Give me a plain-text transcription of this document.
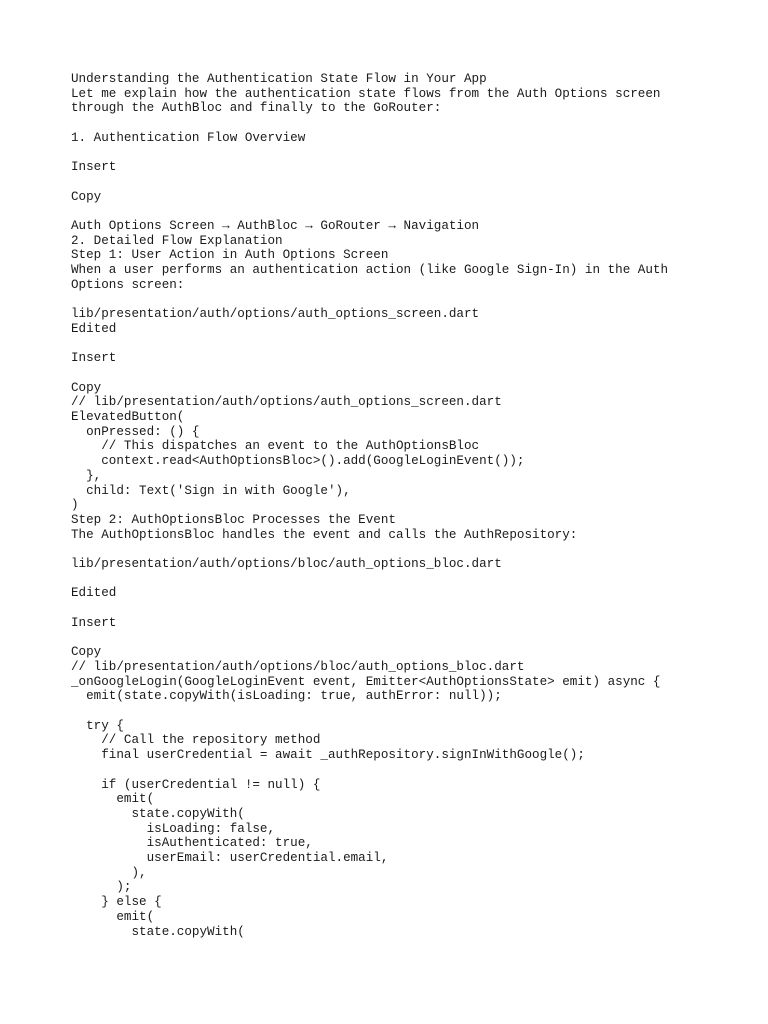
Understanding the Authentication State Flow in Your App
Let me explain how the authentication state flows from the Auth Options screen
through the AuthBloc and finally to the GoRouter:
1. Authentication Flow Overview
Insert
Copy
Auth Options Screen → AuthBloc → GoRouter → Navigation
2. Detailed Flow Explanation
Step 1: User Action in Auth Options Screen
When a user performs an authentication action (like Google Sign-In) in the Auth
Options screen:
lib/presentation/auth/options/auth_options_screen.dart
Edited
Insert
Copy
// lib/presentation/auth/options/auth_options_screen.dart
ElevatedButton(
onPressed: () {
// This dispatches an event to the AuthOptionsBloc
context.read<AuthOptionsBloc>().add(GoogleLoginEvent());
},
child: Text('Sign in with Google'),
)
Step 2: AuthOptionsBloc Processes the Event
The AuthOptionsBloc handles the event and calls the AuthRepository:
lib/presentation/auth/options/bloc/auth_options_bloc.dart
Edited
Insert
Copy
// lib/presentation/auth/options/bloc/auth_options_bloc.dart
_onGoogleLogin(GoogleLoginEvent event, Emitter<AuthOptionsState> emit) async {
emit(state.copyWith(isLoading: true, authError: null));
try {
// Call the repository method
final userCredential = await _authRepository.signInWithGoogle();
if (userCredential != null) {
emit(
state.copyWith(
isLoading: false,
isAuthenticated: true,
userEmail: userCredential.email,
),
);
} else {
emit(
state.copyWith(
